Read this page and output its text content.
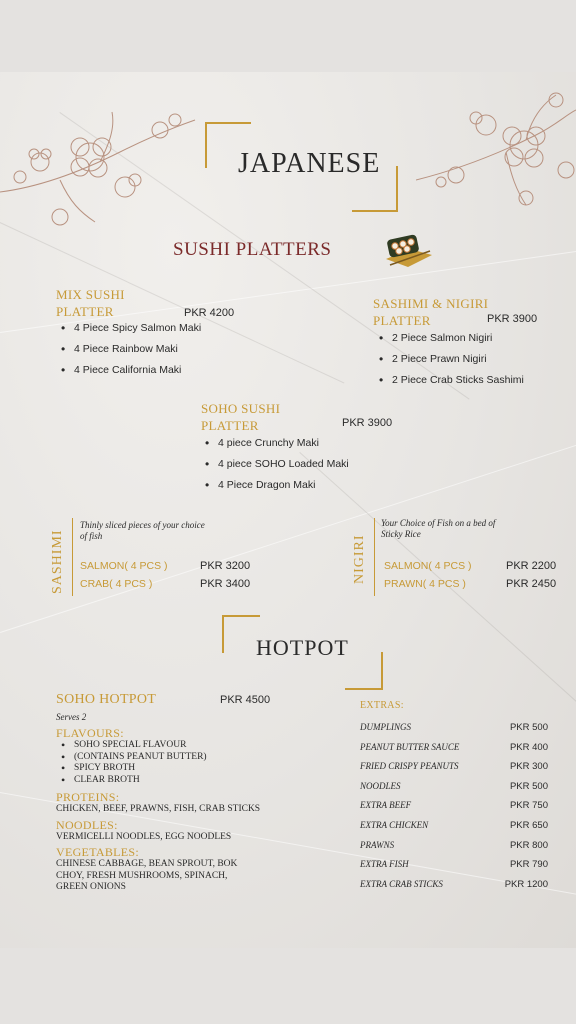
JAPANESE
SUSHI PLATTERS
MIX SUSHI
PLATTER	PKR 4200
• 4 Piece Spicy Salmon Maki
• 4 Piece Rainbow Maki
• 4 Piece California Maki
SASHIMI & NIGIRI
PLATTER	PKR 3900
• 2 Piece Salmon Nigiri
• 2 Piece Prawn Nigiri
• 2 Piece Crab Sticks Sashimi
SOHO SUSHI
PLATTER	PKR 3900
• 4 piece Crunchy Maki
• 4 piece SOHO Loaded Maki
• 4 Piece Dragon Maki
SASHIMI
Thinly sliced pieces of your choice
of fish
SALMON( 4 PCS )	PKR 3200
CRAB( 4 PCS )	PKR 3400	NIGIRI
Your Choice of Fish on a bed of
Sticky Rice
SALMON( 4 PCS )	PKR 2200
PRAWN( 4 PCS )	PKR 2450
HOTPOT
SOHO HOTPOT	PKR 4500
Serves 2
FLAVOURS:
• SOHO SPECIAL FLAVOUR
• (CONTAINS PEANUT BUTTER)
• SPICY BROTH
• CLEAR BROTH
PROTEINS:
CHICKEN, BEEF, PRAWNS, FISH, CRAB STICKS
NOODLES:
VERMICELLI NOODLES, EGG NOODLES
VEGETABLES:
CHINESE CABBAGE, BEAN SPROUT, BOK
CHOY, FRESH MUSHROOMS, SPINACH,
GREEN ONIONS
EXTRAS:
DUMPLINGS	PKR 500
PEANUT BUTTER SAUCE	PKR 400
FRIED CRISPY PEANUTS	PKR 300
NOODLES	PKR 500
EXTRA BEEF	PKR 750
EXTRA CHICKEN	PKR 650
PRAWNS	PKR 800
EXTRA FISH	PKR 790
EXTRA CRAB STICKS	PKR 1200
